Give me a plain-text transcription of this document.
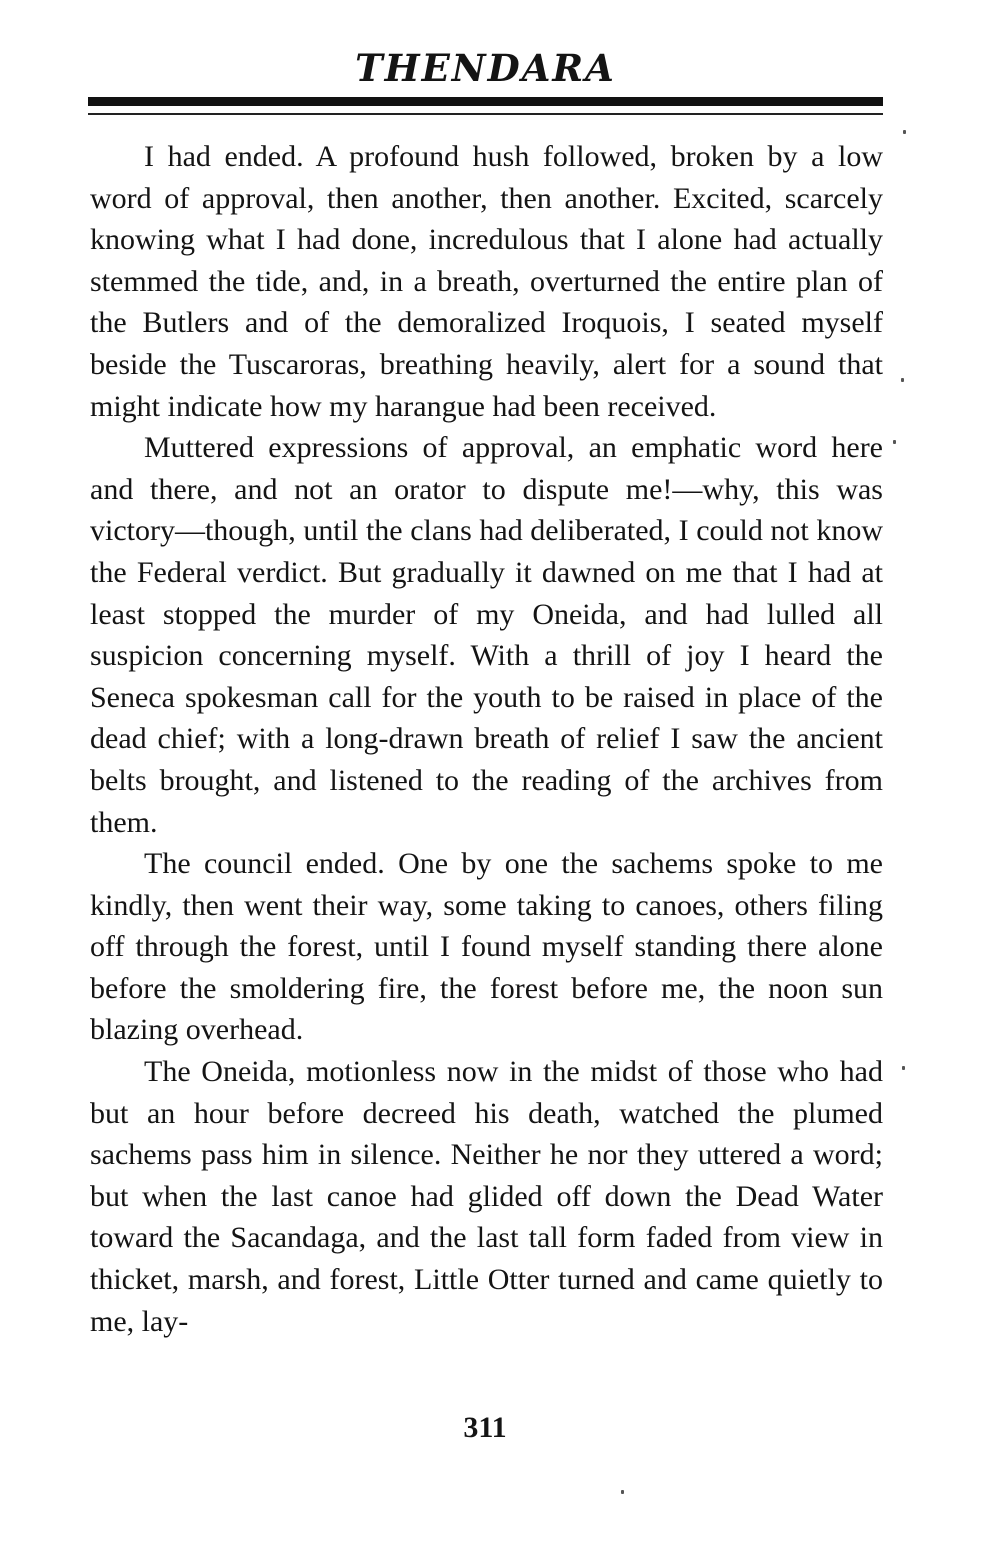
THENDARA

I had ended. A profound hush followed, broken by a low word of approval, then another, then another. Excited, scarcely knowing what I had done, incredulous that I alone had actually stemmed the tide, and, in a breath, overturned the entire plan of the Butlers and of the demoralized Iroquois, I seated myself beside the Tuscaroras, breathing heavily, alert for a sound that might indicate how my harangue had been received.

Muttered expressions of approval, an emphatic word here and there, and not an orator to dispute me!—why, this was victory—though, until the clans had deliberated, I could not know the Federal verdict. But gradually it dawned on me that I had at least stopped the murder of my Oneida, and had lulled all suspicion concerning myself. With a thrill of joy I heard the Seneca spokesman call for the youth to be raised in place of the dead chief; with a long-drawn breath of relief I saw the ancient belts brought, and listened to the reading of the archives from them.

The council ended. One by one the sachems spoke to me kindly, then went their way, some taking to canoes, others filing off through the forest, until I found myself standing there alone before the smoldering fire, the forest before me, the noon sun blazing overhead.

The Oneida, motionless now in the midst of those who had but an hour before decreed his death, watched the plumed sachems pass him in silence. Neither he nor they uttered a word; but when the last canoe had glided off down the Dead Water toward the Sacandaga, and the last tall form faded from view in thicket, marsh, and forest, Little Otter turned and came quietly to me, lay-

311
